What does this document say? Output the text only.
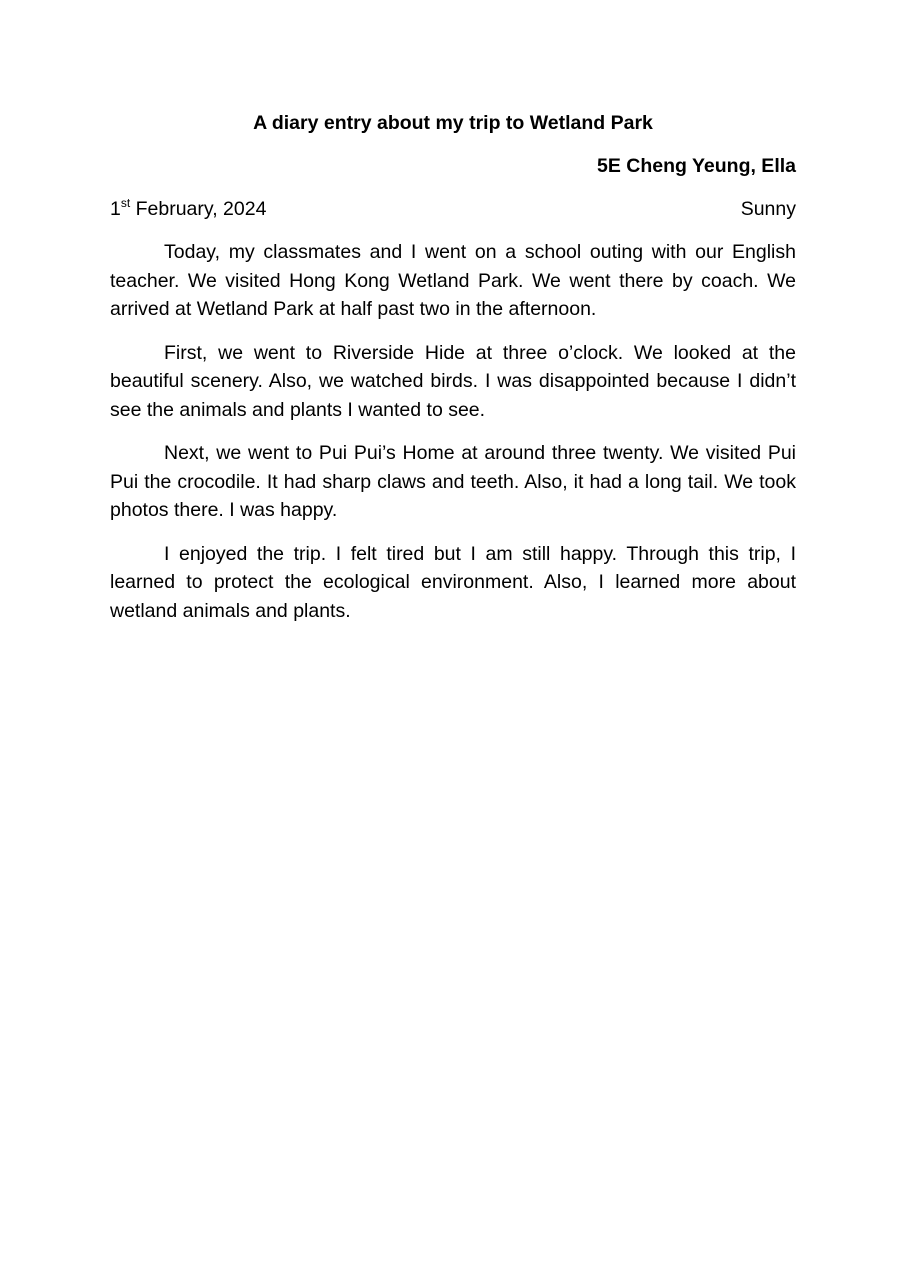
A diary entry about my trip to Wetland Park
5E Cheng Yeung, Ella
1st February, 2024	Sunny

Today, my classmates and I went on a school outing with our English teacher. We visited Hong Kong Wetland Park. We went there by coach. We arrived at Wetland Park at half past two in the afternoon.

First, we went to Riverside Hide at three o’clock. We looked at the beautiful scenery. Also, we watched birds. I was disappointed because I didn’t see the animals and plants I wanted to see.

Next, we went to Pui Pui’s Home at around three twenty. We visited Pui Pui the crocodile. It had sharp claws and teeth. Also, it had a long tail. We took photos there. I was happy.

I enjoyed the trip. I felt tired but I am still happy. Through this trip, I learned to protect the ecological environment. Also, I learned more about wetland animals and plants.
